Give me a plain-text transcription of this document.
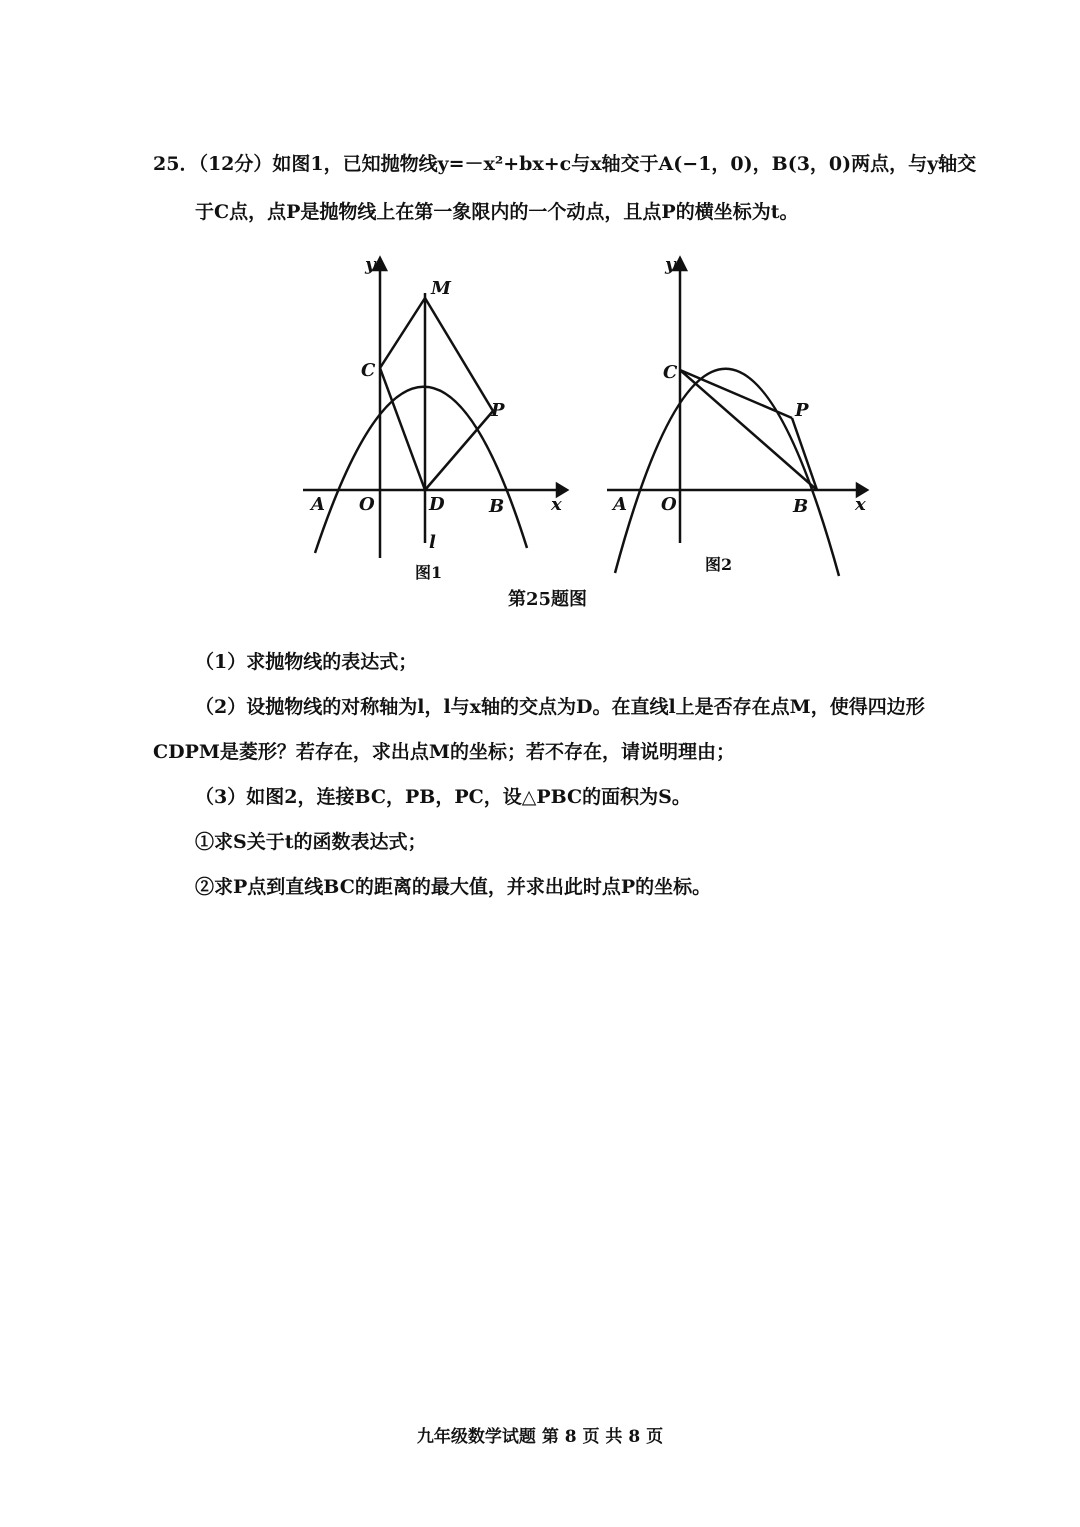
25．（12分）如图1，已知抛物线y=－x²+bx+c与x轴交于A(−1，0)，B(3，0)两点，与y轴交
于C点，点P是抛物线上在第一象限内的一个动点，且点P的横坐标为t。
y
M
C
P
A O	D B	x
l
图1
y
C
P
A O	B	x
图2
第25题图
（1）求抛物线的表达式；
（2）设抛物线的对称轴为l，l与x轴的交点为D。在直线l上是否存在点M，使得四边形
CDPM是菱形？若存在，求出点M的坐标；若不存在，请说明理由；
（3）如图2，连接BC，PB，PC，设△PBC的面积为S。
①求S关于t的函数表达式；
②求P点到直线BC的距离的最大值，并求出此时点P的坐标。
九年级数学试题 第 8 页 共 8 页
